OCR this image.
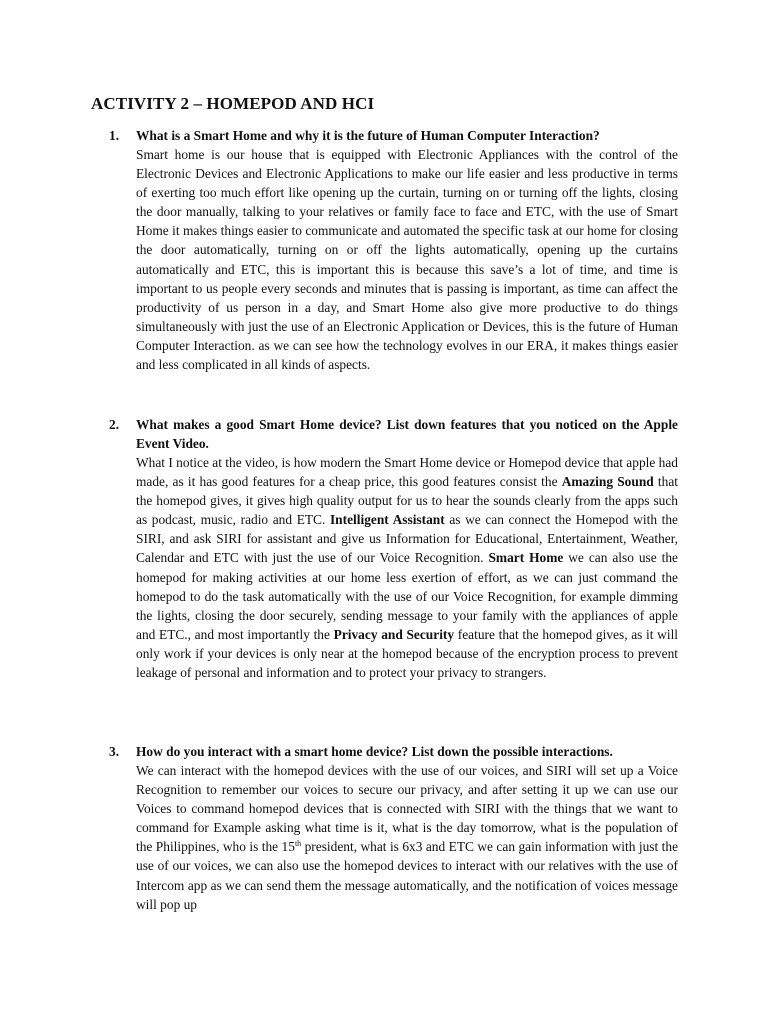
ACTIVITY 2 – HOMEPOD AND HCI
1. What is a Smart Home and why it is the future of Human Computer Interaction?
Smart home is our house that is equipped with Electronic Appliances with the control of the Electronic Devices and Electronic Applications to make our life easier and less productive in terms of exerting too much effort like opening up the curtain, turning on or turning off the lights, closing the door manually, talking to your relatives or family face to face and ETC, with the use of Smart Home it makes things easier to communicate and automated the specific task at our home for closing the door automatically, turning on or off the lights automatically, opening up the curtains automatically and ETC, this is important this is because this save’s a lot of time, and time is important to us people every seconds and minutes that is passing is important, as time can affect the productivity of us person in a day, and Smart Home also give more productive to do things simultaneously with just the use of an Electronic Application or Devices, this is the future of Human Computer Interaction. as we can see how the technology evolves in our ERA, it makes things easier and less complicated in all kinds of aspects.
2. What makes a good Smart Home device? List down features that you noticed on the Apple Event Video.
What I notice at the video, is how modern the Smart Home device or Homepod device that apple had made, as it has good features for a cheap price, this good features consist the Amazing Sound that the homepod gives, it gives high quality output for us to hear the sounds clearly from the apps such as podcast, music, radio and ETC. Intelligent Assistant as we can connect the Homepod with the SIRI, and ask SIRI for assistant and give us Information for Educational, Entertainment, Weather, Calendar and ETC with just the use of our Voice Recognition. Smart Home we can also use the homepod for making activities at our home less exertion of effort, as we can just command the homepod to do the task automatically with the use of our Voice Recognition, for example dimming the lights, closing the door securely, sending message to your family with the appliances of apple and ETC., and most importantly the Privacy and Security feature that the homepod gives, as it will only work if your devices is only near at the homepod because of the encryption process to prevent leakage of personal and information and to protect your privacy to strangers.
3. How do you interact with a smart home device? List down the possible interactions.
We can interact with the homepod devices with the use of our voices, and SIRI will set up a Voice Recognition to remember our voices to secure our privacy, and after setting it up we can use our Voices to command homepod devices that is connected with SIRI with the things that we want to command for Example asking what time is it, what is the day tomorrow, what is the population of the Philippines, who is the 15th president, what is 6x3 and ETC we can gain information with just the use of our voices, we can also use the homepod devices to interact with our relatives with the use of Intercom app as we can send them the message automatically, and the notification of voices message will pop up
